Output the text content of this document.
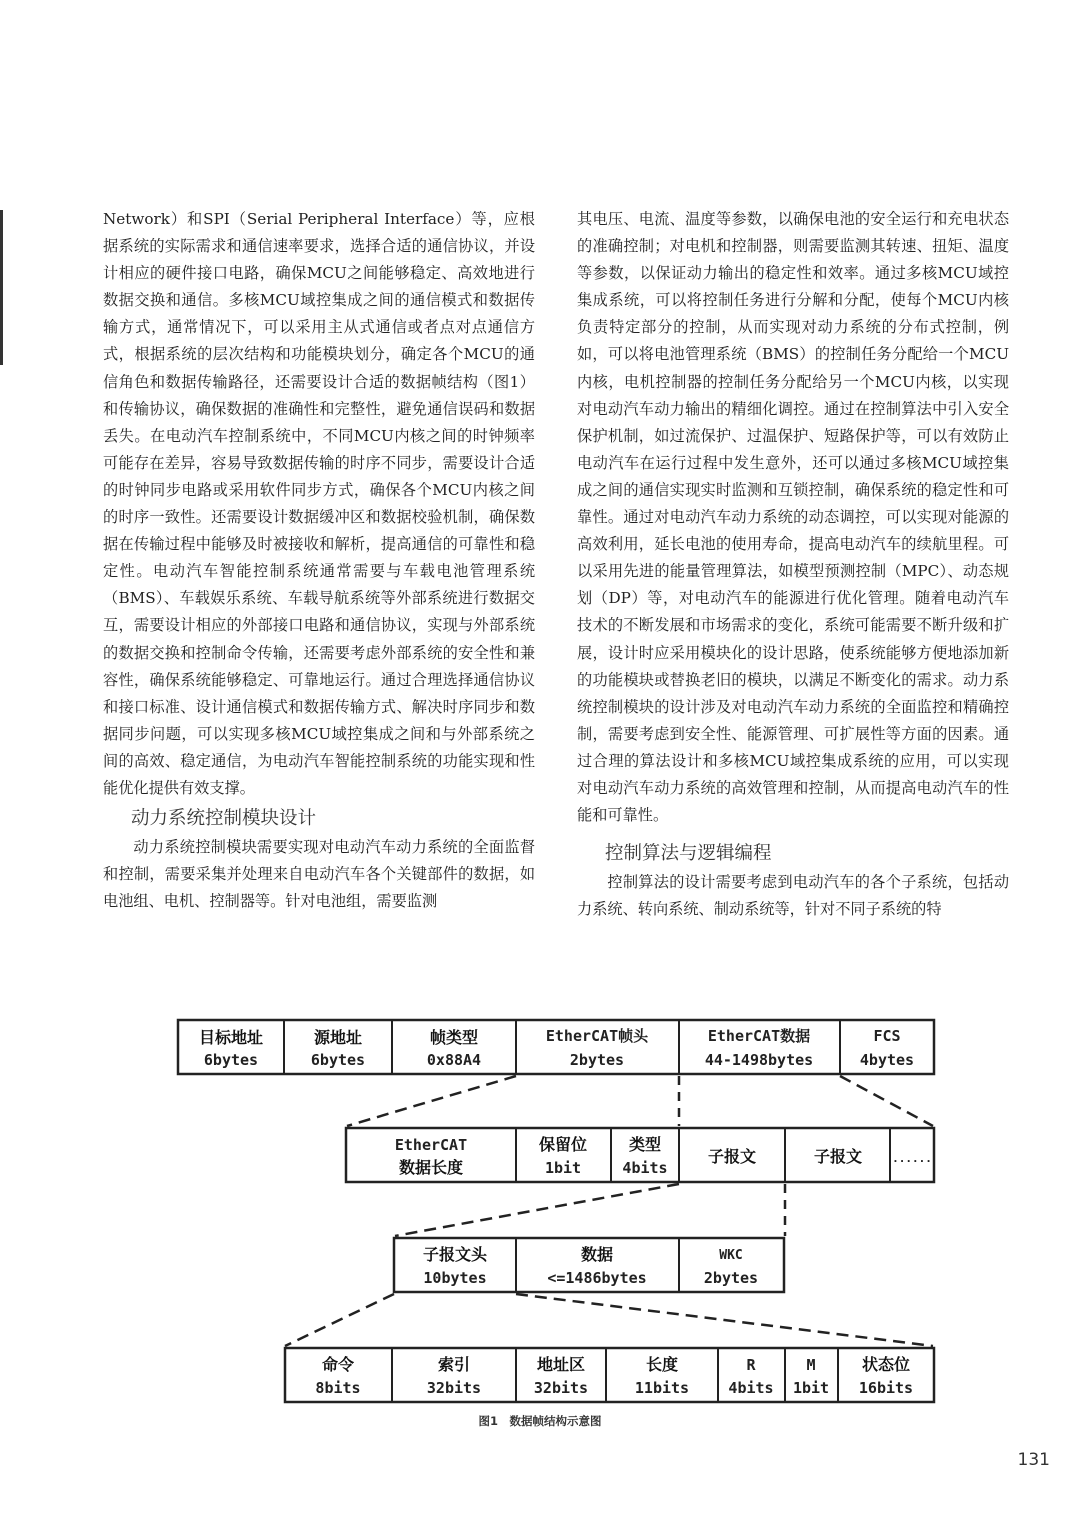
Network）和SPI（Serial Peripheral Interface）等，应根据系统的实际需求和通信速率要求，选择合适的通信协议，并设计相应的硬件接口电路，确保MCU之间能够稳定、高效地进行数据交换和通信。多核MCU域控集成之间的通信模式和数据传输方式，通常情况下，可以采用主从式通信或者点对点通信方式，根据系统的层次结构和功能模块划分，确定各个MCU的通信角色和数据传输路径，还需要设计合适的数据帧结构（图1）和传输协议，确保数据的准确性和完整性，避免通信误码和数据丢失。在电动汽车控制系统中，不同MCU内核之间的时钟频率可能存在差异，容易导致数据传输的时序不同步，需要设计合适的时钟同步电路或采用软件同步方式，确保各个MCU内核之间的时序一致性。还需要设计数据缓冲区和数据校验机制，确保数据在传输过程中能够及时被接收和解析，提高通信的可靠性和稳定性。电动汽车智能控制系统通常需要与车载电池管理系统（BMS）、车载娱乐系统、车载导航系统等外部系统进行数据交互，需要设计相应的外部接口电路和通信协议，实现与外部系统的数据交换和控制命令传输，还需要考虑外部系统的安全性和兼容性，确保系统能够稳定、可靠地运行。通过合理选择通信协议和接口标准、设计通信模式和数据传输方式、解决时序同步和数据同步问题，可以实现多核MCU域控集成之间和与外部系统之间的高效、稳定通信，为电动汽车智能控制系统的功能实现和性能优化提供有效支撑。

动力系统控制模块设计

动力系统控制模块需要实现对电动汽车动力系统的全面监督和控制，需要采集并处理来自电动汽车各个关键部件的数据，如电池组、电机、控制器等。针对电池组，需要监测

其电压、电流、温度等参数，以确保电池的安全运行和充电状态的准确控制；对电机和控制器，则需要监测其转速、扭矩、温度等参数，以保证动力输出的稳定性和效率。通过多核MCU域控集成系统，可以将控制任务进行分解和分配，使每个MCU内核负责特定部分的控制，从而实现对动力系统的分布式控制，例如，可以将电池管理系统（BMS）的控制任务分配给一个MCU内核，电机控制器的控制任务分配给另一个MCU内核，以实现对电动汽车动力输出的精细化调控。通过在控制算法中引入安全保护机制，如过流保护、过温保护、短路保护等，可以有效防止电动汽车在运行过程中发生意外，还可以通过多核MCU域控集成之间的通信实现实时监测和互锁控制，确保系统的稳定性和可靠性。通过对电动汽车动力系统的动态调控，可以实现对能源的高效利用，延长电池的使用寿命，提高电动汽车的续航里程。可以采用先进的能量管理算法，如模型预测控制（MPC）、动态规划（DP）等，对电动汽车的能源进行优化管理。随着电动汽车技术的不断发展和市场需求的变化，系统可能需要不断升级和扩展，设计时应采用模块化的设计思路，使系统能够方便地添加新的功能模块或替换老旧的模块，以满足不断变化的需求。动力系统控制模块的设计涉及对电动汽车动力系统的全面监控和精确控制，需要考虑到安全性、能源管理、可扩展性等方面的因素。通过合理的算法设计和多核MCU域控集成系统的应用，可以实现对电动汽车动力系统的高效管理和控制，从而提高电动汽车的性能和可靠性。

控制算法与逻辑编程

控制算法的设计需要考虑到电动汽车的各个子系统，包括动力系统、转向系统、制动系统等，针对不同子系统的特

目标地址
6bytes
源地址
6bytes
帧类型
0x88A4
EtherCAT帧头
2bytes
EtherCAT数据
44-1498bytes
FCS
4bytes
EtherCAT
数据长度
保留位
1bit
类型
4bits
子报文	子报文	......
子报文头
10bytes
数据
<=1486bytes
WKC
2bytes
命令
8bits
索引
32bits
地址区
32bits
长度
11bits
R
4bits
M
1bit
状态位
16bits
图1　数据帧结构示意图
131
